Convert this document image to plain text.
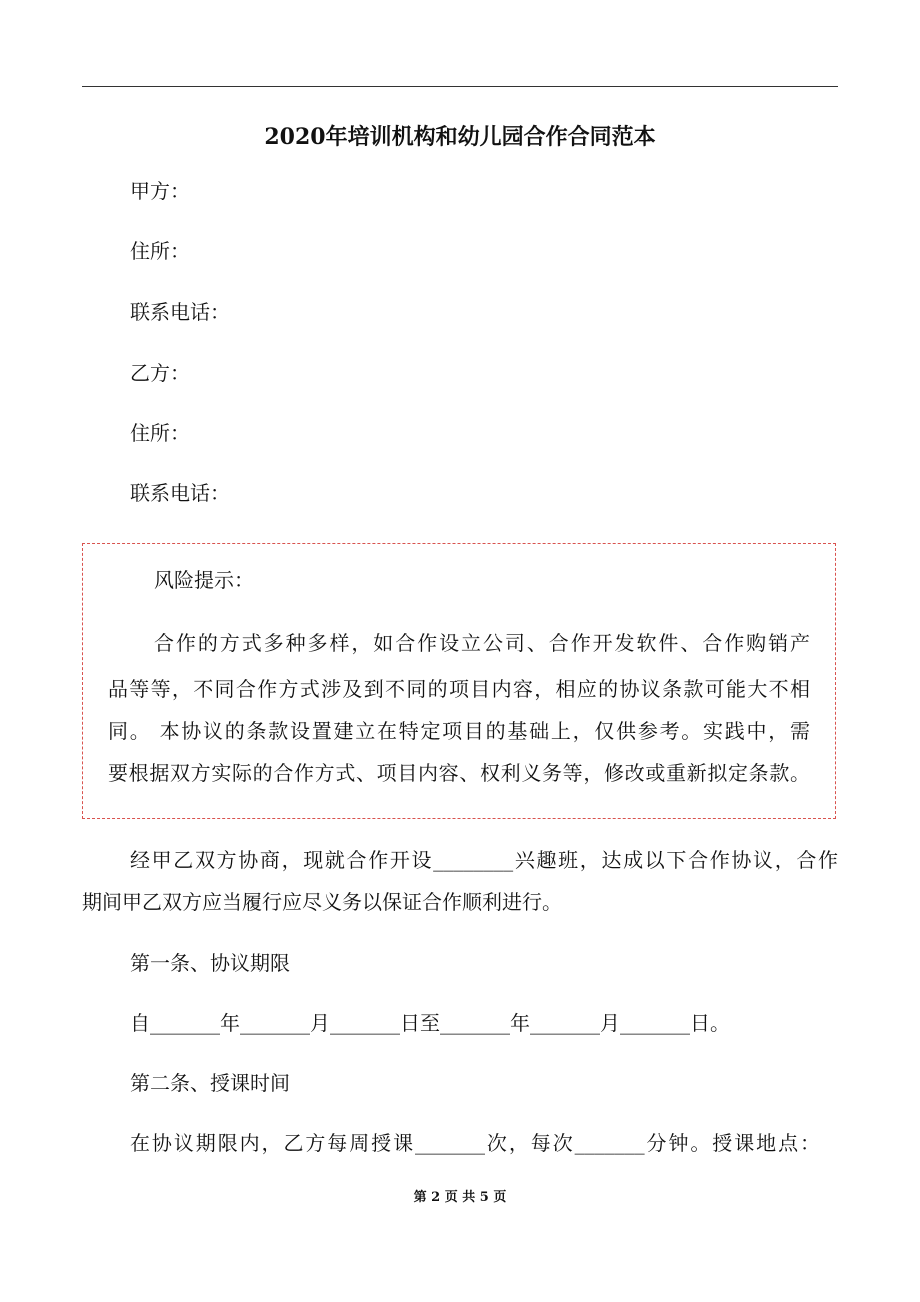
2020年培训机构和幼儿园合作合同范本
甲方：
住所：
联系电话：
乙方：
住所：
联系电话：
风险提示：
合作的方式多种多样，如合作设立公司、合作开发软件、合作购销产
品等等，不同合作方式涉及到不同的项目内容，相应的协议条款可能大不相
同。 本协议的条款设置建立在特定项目的基础上，仅供参考。实践中，需
要根据双方实际的合作方式、项目内容、权利义务等，修改或重新拟定条款。
经甲乙双方协商，现就合作开设________兴趣班，达成以下合作协议，合作
期间甲乙双方应当履行应尽义务以保证合作顺利进行。
第一条、协议期限
自_______年_______月_______日至_______年_______月_______日。
第二条、授课时间
在协议期限内，乙方每周授课_______次，每次_______分钟。授课地点：
第 2 页 共 5 页
